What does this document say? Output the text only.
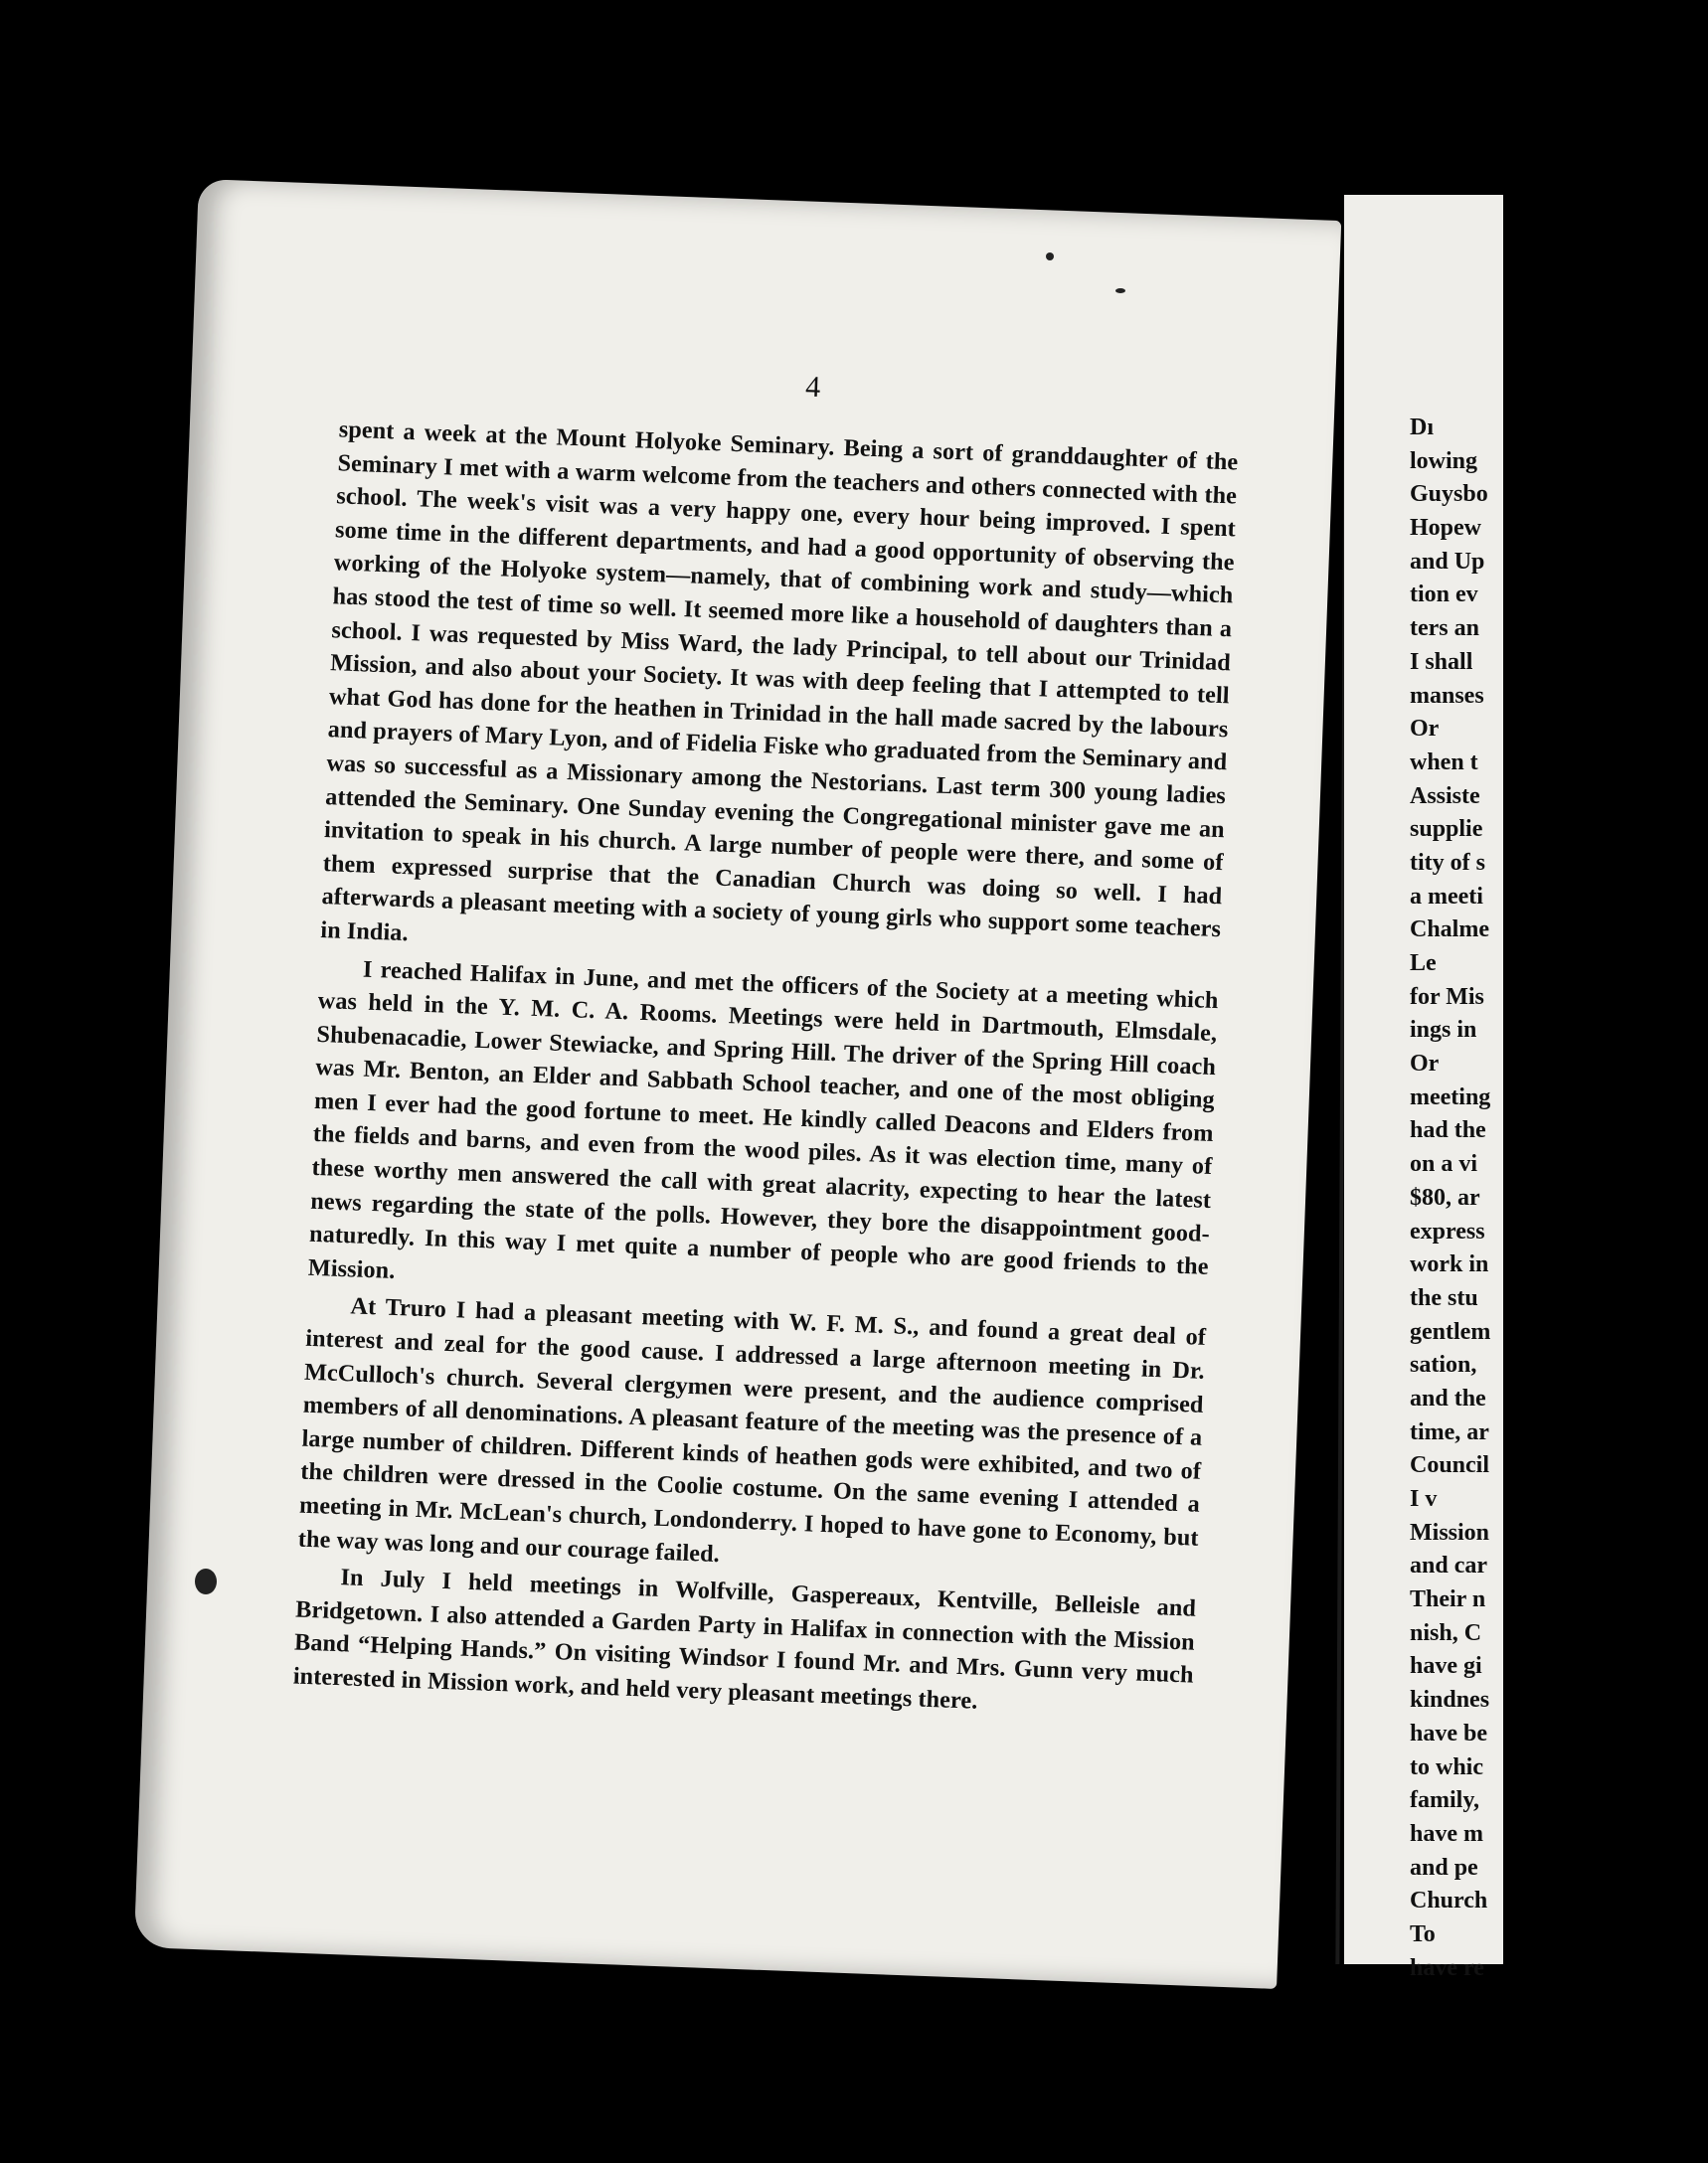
4

spent a week at the Mount Holyoke Seminary. Being a sort of granddaughter of the Seminary I met with a warm welcome from the teachers and others connected with the school. The week's visit was a very happy one, every hour being improved. I spent some time in the different departments, and had a good opportunity of observing the working of the Holyoke system—namely, that of combining work and study—which has stood the test of time so well. It seemed more like a household of daughters than a school. I was requested by Miss Ward, the lady Principal, to tell about our Trinidad Mission, and also about your Society. It was with deep feeling that I attempted to tell what God has done for the heathen in Trinidad in the hall made sacred by the labours and prayers of Mary Lyon, and of Fidelia Fiske who graduated from the Seminary and was so successful as a Missionary among the Nestorians. Last term 300 young ladies attended the Seminary. One Sunday evening the Congregational minister gave me an invitation to speak in his church. A large number of people were there, and some of them expressed surprise that the Canadian Church was doing so well. I had afterwards a pleasant meeting with a society of young girls who support some teachers in India.

I reached Halifax in June, and met the officers of the Society at a meeting which was held in the Y. M. C. A. Rooms. Meetings were held in Dartmouth, Elmsdale, Shubenacadie, Lower Stewiacke, and Spring Hill. The driver of the Spring Hill coach was Mr. Benton, an Elder and Sabbath School teacher, and one of the most obliging men I ever had the good fortune to meet. He kindly called Deacons and Elders from the fields and barns, and even from the wood piles. As it was election time, many of these worthy men answered the call with great alacrity, expecting to hear the latest news regarding the state of the polls. However, they bore the disappointment good-naturedly. In this way I met quite a number of people who are good friends to the Mission.

At Truro I had a pleasant meeting with W. F. M. S., and found a great deal of interest and zeal for the good cause. I addressed a large afternoon meeting in Dr. McCulloch's church. Several clergymen were present, and the audience comprised members of all denominations. A pleasant feature of the meeting was the presence of a large number of children. Different kinds of heathen gods were exhibited, and two of the children were dressed in the Coolie costume. On the same evening I attended a meeting in Mr. McLean's church, Londonderry. I hoped to have gone to Economy, but the way was long and our courage failed.

In July I held meetings in Wolfville, Gaspereaux, Kentville, Belleisle and Bridgetown. I also attended a Garden Party in Halifax in connection with the Mission Band “Helping Hands.” On visiting Windsor I found Mr. and Mrs. Gunn very much interested in Mission work, and held very pleasant meetings there.

Dı
lowing
Guysbo
Hopew
and Up
tion ev
ters an
I shall
manses
Or
when t
Assiste
supplie
tity of s
a meeti
Chalme
Le
for Mis
ings in
Or
meeting
had the
on a vi
$80, ar
express
work in
the stu
gentlem
sation,
and the
time, ar
Council
I v
Mission
and car
Their n
nish, C
have gi
kindnes
have be
to whic
family,
have m
and pe
Church
To
have re
